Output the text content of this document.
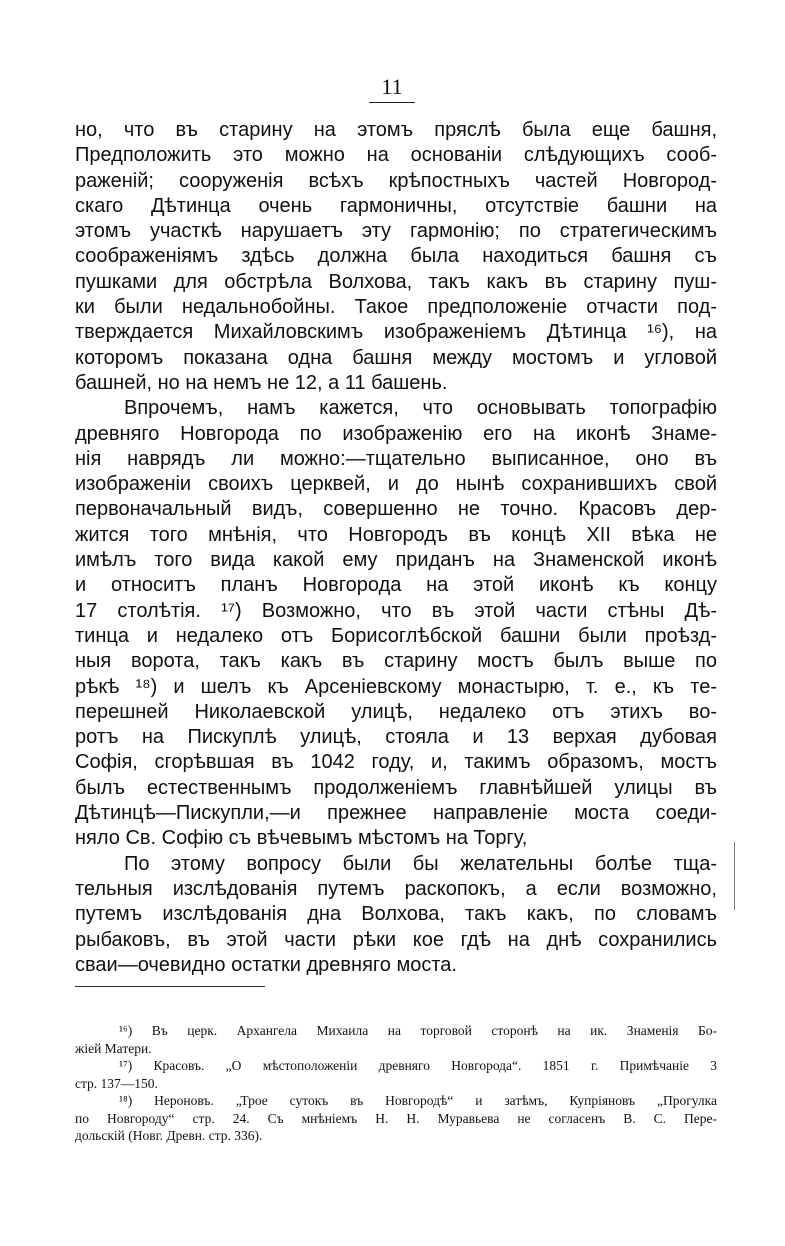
11
но, что въ старину на этомъ пряслѣ была еще башня,
Предположить это можно на основаніи слѣдующихъ сооб-
раженій; сооруженія всѣхъ крѣпостныхъ частей Новгород-
скаго Дѣтинца очень гармоничны, отсутствіе башни на
этомъ участкѣ нарушаетъ эту гармонію; по стратегическимъ
соображеніямъ здѣсь должна была находиться башня съ
пушками для обстрѣла Волхова, такъ какъ въ старину пуш-
ки были недальнобойны. Такое предположеніе отчасти под-
тверждается Михайловскимъ изображеніемъ Дѣтинца ¹⁶), на
которомъ показана одна башня между мостомъ и угловой
башней, но на немъ не 12, а 11 башень.
Впрочемъ, намъ кажется, что основывать топографію
древняго Новгорода по изображенію его на иконѣ Знаме-
нія наврядъ ли можно:—тщательно выписанное, оно въ
изображеніи своихъ церквей, и до нынѣ сохранившихъ свой
первоначальный видъ, совершенно не точно. Красовъ дер-
жится того мнѣнія, что Новгородъ въ концѣ XII вѣка не
имѣлъ того вида какой ему приданъ на Знаменской иконѣ
и относитъ планъ Новгорода на этой иконѣ къ концу
17 столѣтія. ¹⁷) Возможно, что въ этой части стѣны Дѣ-
тинца и недалеко отъ Борисоглѣбской башни были проѣзд-
ныя ворота, такъ какъ въ старину мостъ былъ выше по
рѣкѣ ¹⁸) и шелъ къ Арсеніевскому монастырю, т. е., къ те-
перешней Николаевской улицѣ, недалеко отъ этихъ во-
ротъ на Пискуплѣ улицѣ, стояла и 13 верхая дубовая
Софія, сгорѣвшая въ 1042 году, и, такимъ образомъ, мостъ
былъ естественнымъ продолженіемъ главнѣйшей улицы въ
Дѣтинцѣ—Пискупли,—и прежнее направленіе моста соеди-
няло Св. Софію съ вѣчевымъ мѣстомъ на Торгу,
По этому вопросу были бы желательны болѣе тща-
тельныя изслѣдованія путемъ раскопокъ, а если возможно,
путемъ изслѣдованія дна Волхова, такъ какъ, по словамъ
рыбаковъ, въ этой части рѣки кое гдѣ на днѣ сохранились
сваи—очевидно остатки древняго моста.
¹⁶) Въ церк. Архангела Михаила на торговой сторонѣ на ик. Знаменія Бо-
жіей Матери.
¹⁷) Красовъ. „О мѣстоположеніи древняго Новгорода“. 1851 г. Примѣчаніе 3
стр. 137—150.
¹⁸) Нероновъ. „Трое сутокъ въ Новгородѣ“ и затѣмъ, Купріяновъ „Прогулка
по Новгороду“ стр. 24. Съ мнѣніемъ Н. Н. Муравьева не согласенъ В. С. Пере-
дольскій (Новг. Древн. стр. 336).
